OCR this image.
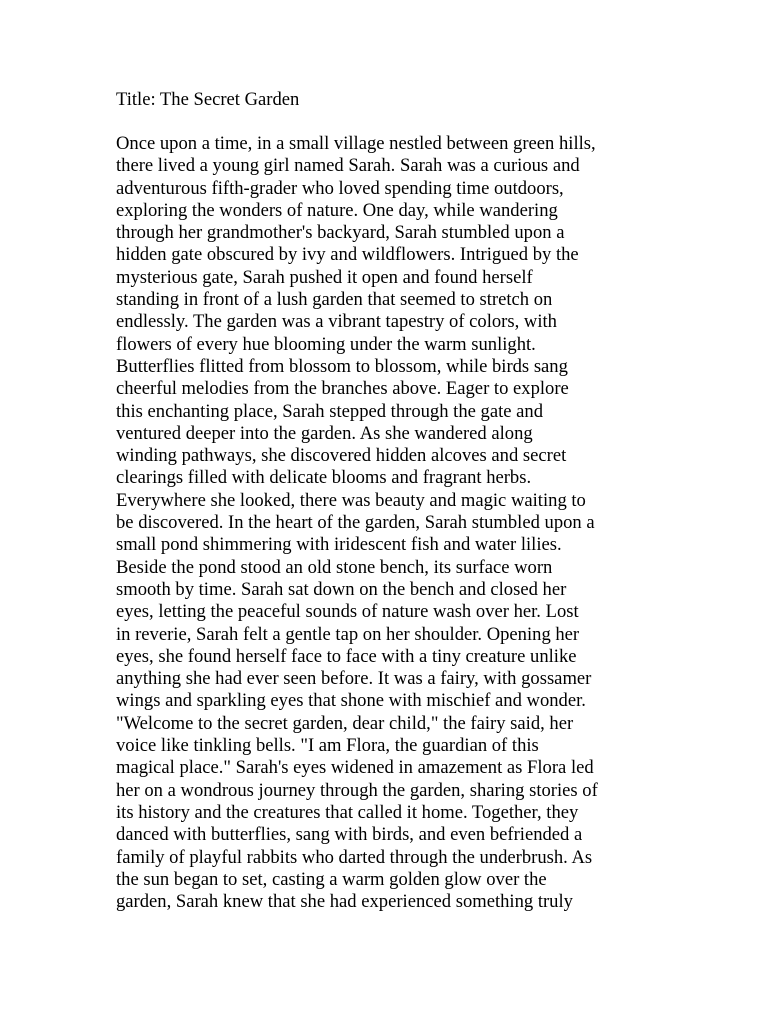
Title: The Secret Garden
Once upon a time, in a small village nestled between green hills,
there lived a young girl named Sarah. Sarah was a curious and
adventurous fifth-grader who loved spending time outdoors,
exploring the wonders of nature. One day, while wandering
through her grandmother's backyard, Sarah stumbled upon a
hidden gate obscured by ivy and wildflowers. Intrigued by the
mysterious gate, Sarah pushed it open and found herself
standing in front of a lush garden that seemed to stretch on
endlessly. The garden was a vibrant tapestry of colors, with
flowers of every hue blooming under the warm sunlight.
Butterflies flitted from blossom to blossom, while birds sang
cheerful melodies from the branches above. Eager to explore
this enchanting place, Sarah stepped through the gate and
ventured deeper into the garden. As she wandered along
winding pathways, she discovered hidden alcoves and secret
clearings filled with delicate blooms and fragrant herbs.
Everywhere she looked, there was beauty and magic waiting to
be discovered. In the heart of the garden, Sarah stumbled upon a
small pond shimmering with iridescent fish and water lilies.
Beside the pond stood an old stone bench, its surface worn
smooth by time. Sarah sat down on the bench and closed her
eyes, letting the peaceful sounds of nature wash over her. Lost
in reverie, Sarah felt a gentle tap on her shoulder. Opening her
eyes, she found herself face to face with a tiny creature unlike
anything she had ever seen before. It was a fairy, with gossamer
wings and sparkling eyes that shone with mischief and wonder.
"Welcome to the secret garden, dear child," the fairy said, her
voice like tinkling bells. "I am Flora, the guardian of this
magical place." Sarah's eyes widened in amazement as Flora led
her on a wondrous journey through the garden, sharing stories of
its history and the creatures that called it home. Together, they
danced with butterflies, sang with birds, and even befriended a
family of playful rabbits who darted through the underbrush. As
the sun began to set, casting a warm golden glow over the
garden, Sarah knew that she had experienced something truly
